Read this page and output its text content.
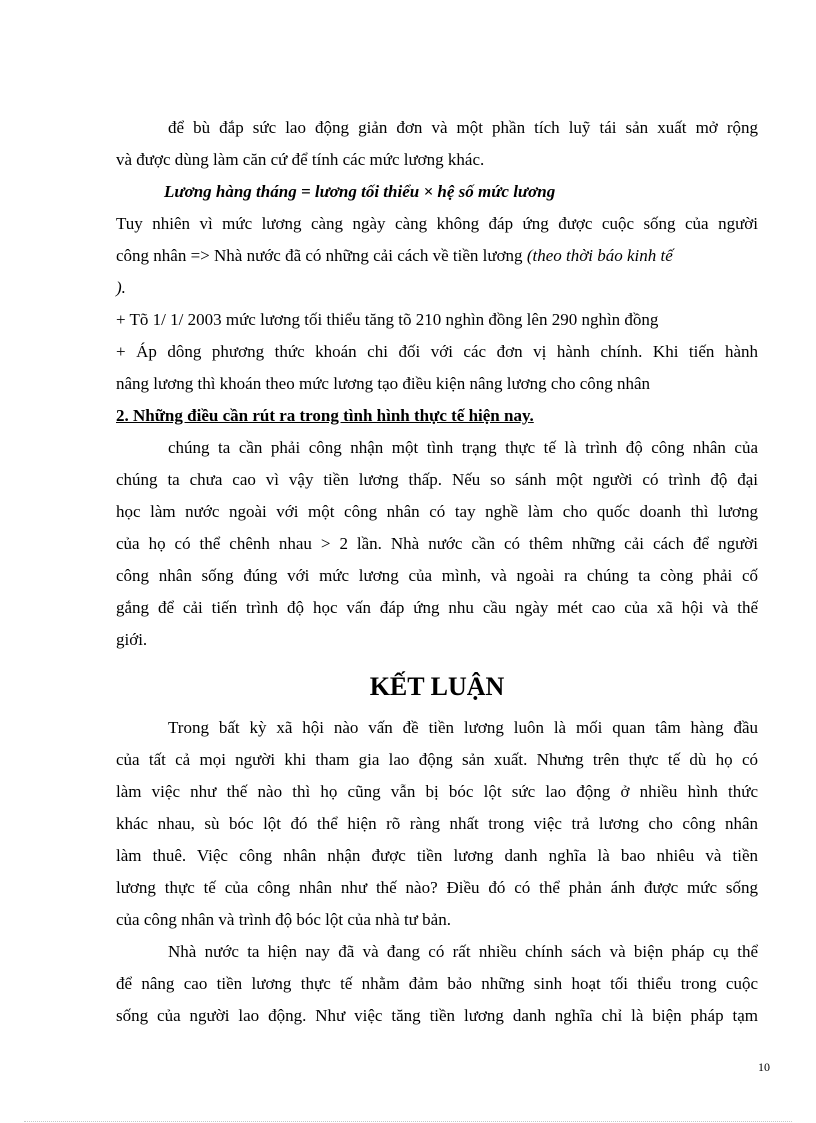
để bù đắp sức lao động giản đơn và một phần tích luỹ tái sản xuất mở rộng
và được dùng làm căn cứ để tính các mức lương khác.
Lương hàng tháng = lương tối thiểu × hệ số mức lương
Tuy nhiên vì mức lương càng ngày càng không đáp ứng được cuộc sống của người
công nhân => Nhà nước đã có những cải cách về tiền lương (theo thời báo kinh tế
).
+ Tõ 1/ 1/ 2003 mức lương tối thiểu tăng tõ 210 nghìn đồng lên 290 nghìn đồng
+ Áp dông phương thức khoán chi đối với các đơn vị hành chính. Khi tiến hành
nâng lương thì khoán theo mức lương tạo điều kiện nâng lương cho công nhân
2. Những điều cần rút ra trong tình hình thực tế hiện nay.
chúng ta cần phải công nhận một tình trạng thực tế là trình độ công nhân của
chúng ta chưa cao vì vậy tiền lương thấp. Nếu so sánh một người có trình độ đại
học làm nước ngoài với một công nhân có tay nghề làm cho quốc doanh thì lương
của họ có thể chênh nhau > 2 lần. Nhà nước cần có thêm những cải cách để người
công nhân sống đúng với mức lương của mình, và ngoài ra chúng ta còng phải cố
gắng để cải tiến trình độ học vấn đáp ứng nhu cầu ngày mét cao của xã hội và thế
giới.
KẾT LUẬN
Trong bất kỳ xã hội nào vấn đề tiền lương luôn là mối quan tâm hàng đầu
của tất cả mọi người khi tham gia lao động sản xuất. Nhưng trên thực tế dù họ có
làm việc như thế nào thì họ cũng vẫn bị bóc lột sức lao động ở nhiều hình thức
khác nhau, sù bóc lột đó thể hiện rõ ràng nhất trong việc trả lương cho công nhân
làm thuê. Việc công nhân nhận được tiền lương danh nghĩa là bao nhiêu và tiền
lương thực tế của công nhân như thế nào? Điều đó có thể phản ánh được mức sống
của công nhân và trình độ bóc lột của nhà tư bản.
Nhà nước ta hiện nay đã và đang có rất nhiều chính sách và biện pháp cụ thể
để nâng cao tiền lương thực tế nhằm đảm bảo những sinh hoạt tối thiểu trong cuộc
sống của người lao động. Như việc tăng tiền lương danh nghĩa chỉ là biện pháp tạm
10
